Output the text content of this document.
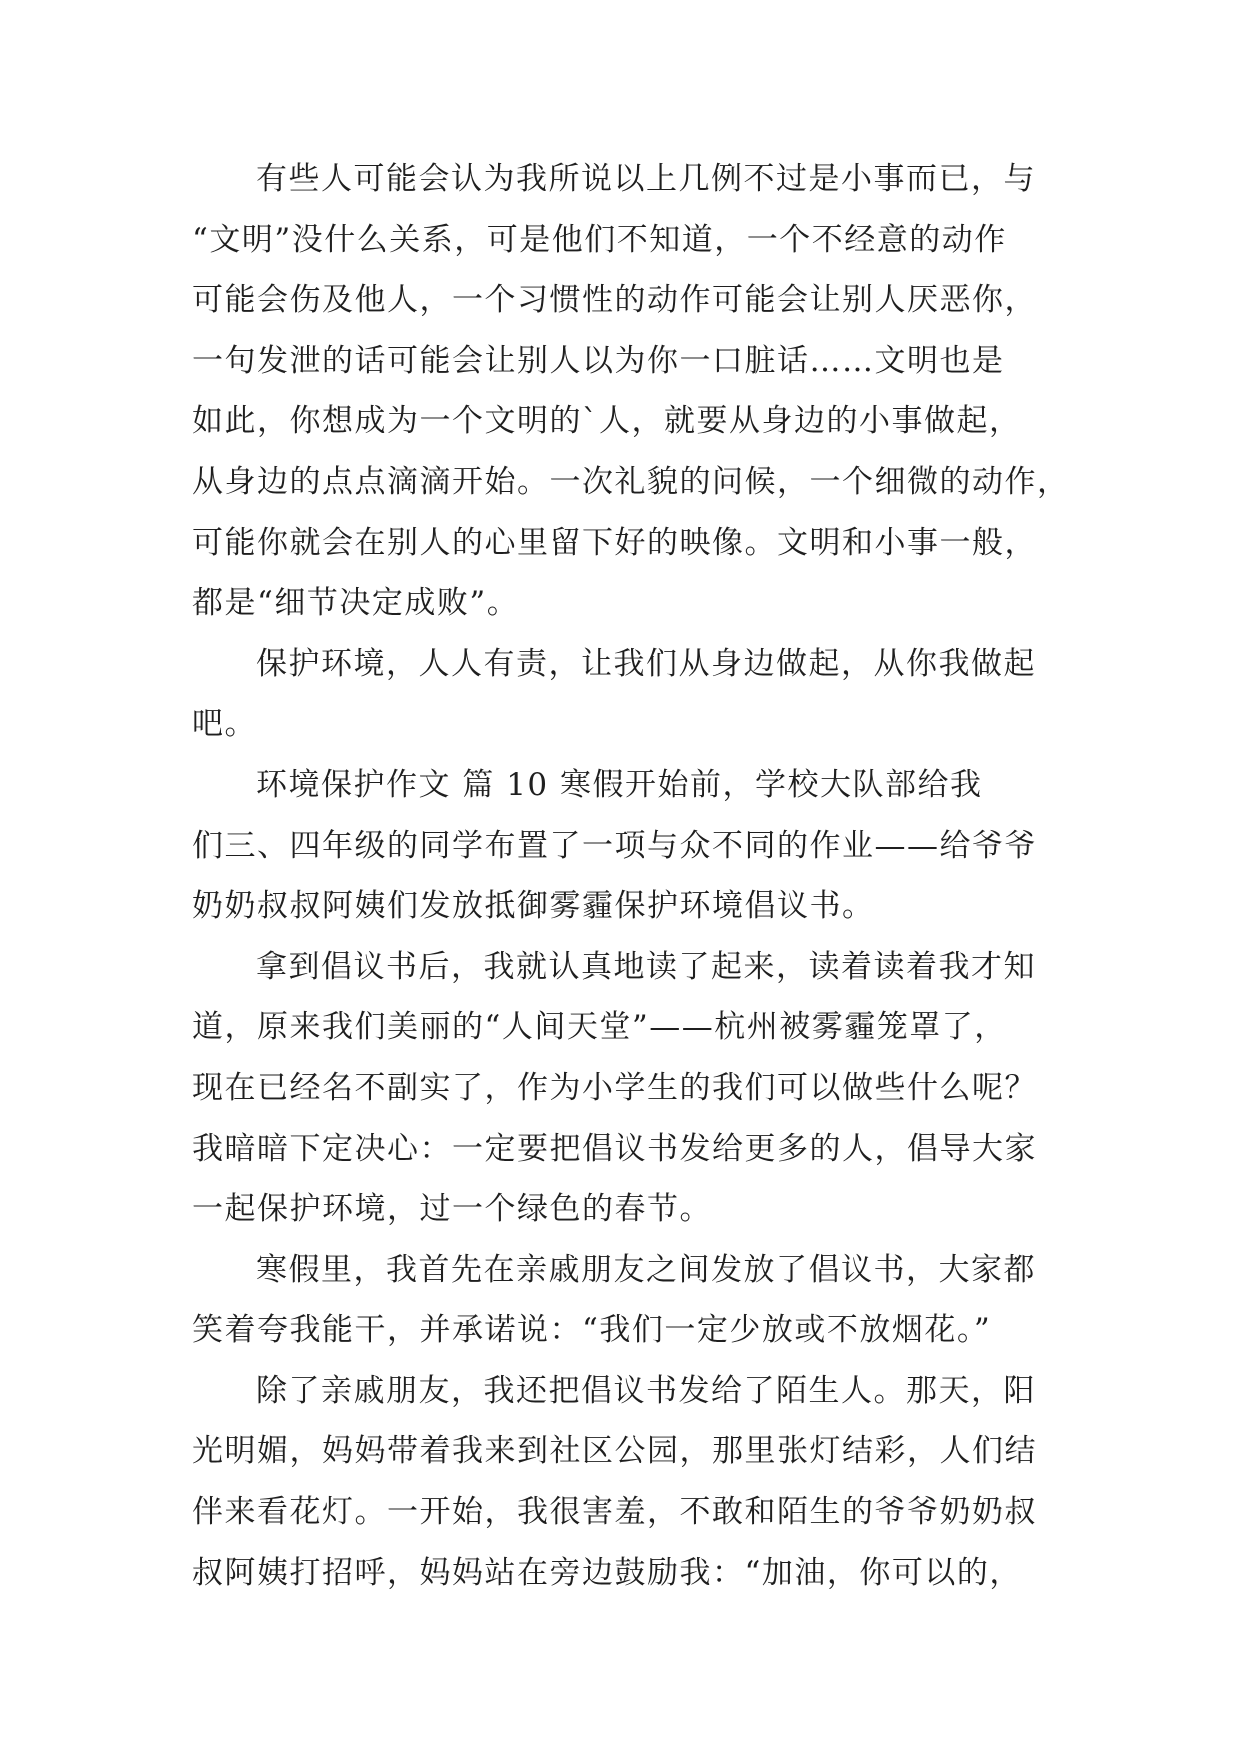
有些人可能会认为我所说以上几例不过是小事而已，与
“文明”没什么关系，可是他们不知道，一个不经意的动作
可能会伤及他人，一个习惯性的动作可能会让别人厌恶你，
一句发泄的话可能会让别人以为你一口脏话……文明也是
如此，你想成为一个文明的`人，就要从身边的小事做起，
从身边的点点滴滴开始。一次礼貌的问候，一个细微的动作，
可能你就会在别人的心里留下好的映像。文明和小事一般，
都是“细节决定成败”。
保护环境，人人有责，让我们从身边做起，从你我做起
吧。
环境保护作文 篇 10 寒假开始前，学校大队部给我
们三、四年级的同学布置了一项与众不同的作业——给爷爷
奶奶叔叔阿姨们发放抵御雾霾保护环境倡议书。
拿到倡议书后，我就认真地读了起来，读着读着我才知
道，原来我们美丽的“人间天堂”——杭州被雾霾笼罩了，
现在已经名不副实了，作为小学生的我们可以做些什么呢？
我暗暗下定决心：一定要把倡议书发给更多的人，倡导大家
一起保护环境，过一个绿色的春节。
寒假里，我首先在亲戚朋友之间发放了倡议书，大家都
笑着夸我能干，并承诺说：“我们一定少放或不放烟花。”
除了亲戚朋友，我还把倡议书发给了陌生人。那天，阳
光明媚，妈妈带着我来到社区公园，那里张灯结彩，人们结
伴来看花灯。一开始，我很害羞，不敢和陌生的爷爷奶奶叔
叔阿姨打招呼，妈妈站在旁边鼓励我：“加油，你可以的，
